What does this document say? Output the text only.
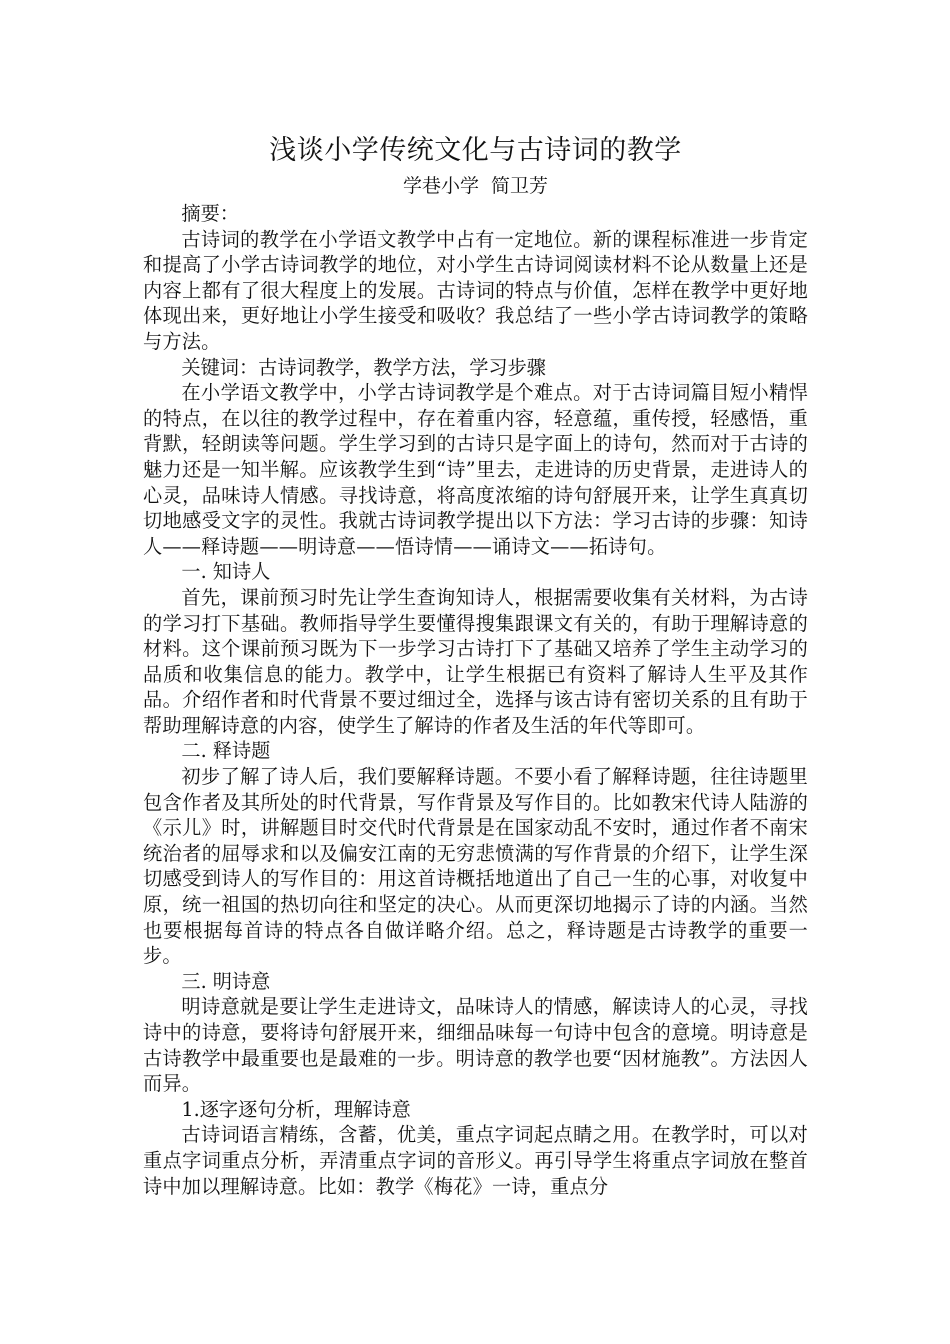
浅谈小学传统文化与古诗词的教学

学巷小学  简卫芳

摘要：

古诗词的教学在小学语文教学中占有一定地位。新的课程标准进一步肯定和提高了小学古诗词教学的地位，对小学生古诗词阅读材料不论从数量上还是内容上都有了很大程度上的发展。古诗词的特点与价值，怎样在教学中更好地体现出来，更好地让小学生接受和吸收？我总结了一些小学古诗词教学的策略与方法。

关键词：古诗词教学，教学方法，学习步骤

在小学语文教学中，小学古诗词教学是个难点。对于古诗词篇目短小精悍的特点，在以往的教学过程中，存在着重内容，轻意蕴，重传授，轻感悟，重背默，轻朗读等问题。学生学习到的古诗只是字面上的诗句，然而对于古诗的魅力还是一知半解。应该教学生到“诗”里去，走进诗的历史背景，走进诗人的心灵，品味诗人情感。寻找诗意，将高度浓缩的诗句舒展开来，让学生真真切切地感受文字的灵性。我就古诗词教学提出以下方法：学习古诗的步骤：知诗人——释诗题——明诗意——悟诗情——诵诗文——拓诗句。

一. 知诗人

首先，课前预习时先让学生查询知诗人，根据需要收集有关材料，为古诗的学习打下基础。教师指导学生要懂得搜集跟课文有关的，有助于理解诗意的材料。这个课前预习既为下一步学习古诗打下了基础又培养了学生主动学习的品质和收集信息的能力。教学中，让学生根据已有资料了解诗人生平及其作品。介绍作者和时代背景不要过细过全，选择与该古诗有密切关系的且有助于帮助理解诗意的内容，使学生了解诗的作者及生活的年代等即可。

二. 释诗题

初步了解了诗人后，我们要解释诗题。不要小看了解释诗题，往往诗题里包含作者及其所处的时代背景，写作背景及写作目的。比如教宋代诗人陆游的《示儿》时，讲解题目时交代时代背景是在国家动乱不安时，通过作者不南宋统治者的屈辱求和以及偏安江南的无穷悲愤满的写作背景的介绍下，让学生深切感受到诗人的写作目的：用这首诗概括地道出了自己一生的心事，对收复中原，统一祖国的热切向往和坚定的决心。从而更深切地揭示了诗的内涵。当然也要根据每首诗的特点各自做详略介绍。总之，释诗题是古诗教学的重要一步。

三. 明诗意

明诗意就是要让学生走进诗文，品味诗人的情感，解读诗人的心灵，寻找诗中的诗意，要将诗句舒展开来，细细品味每一句诗中包含的意境。明诗意是古诗教学中最重要也是最难的一步。明诗意的教学也要“因材施教”。方法因人而异。

1.逐字逐句分析，理解诗意

古诗词语言精练，含蓄，优美，重点字词起点睛之用。在教学时，可以对重点字词重点分析，弄清重点字词的音形义。再引导学生将重点字词放在整首诗中加以理解诗意。比如：教学《梅花》一诗，重点分
